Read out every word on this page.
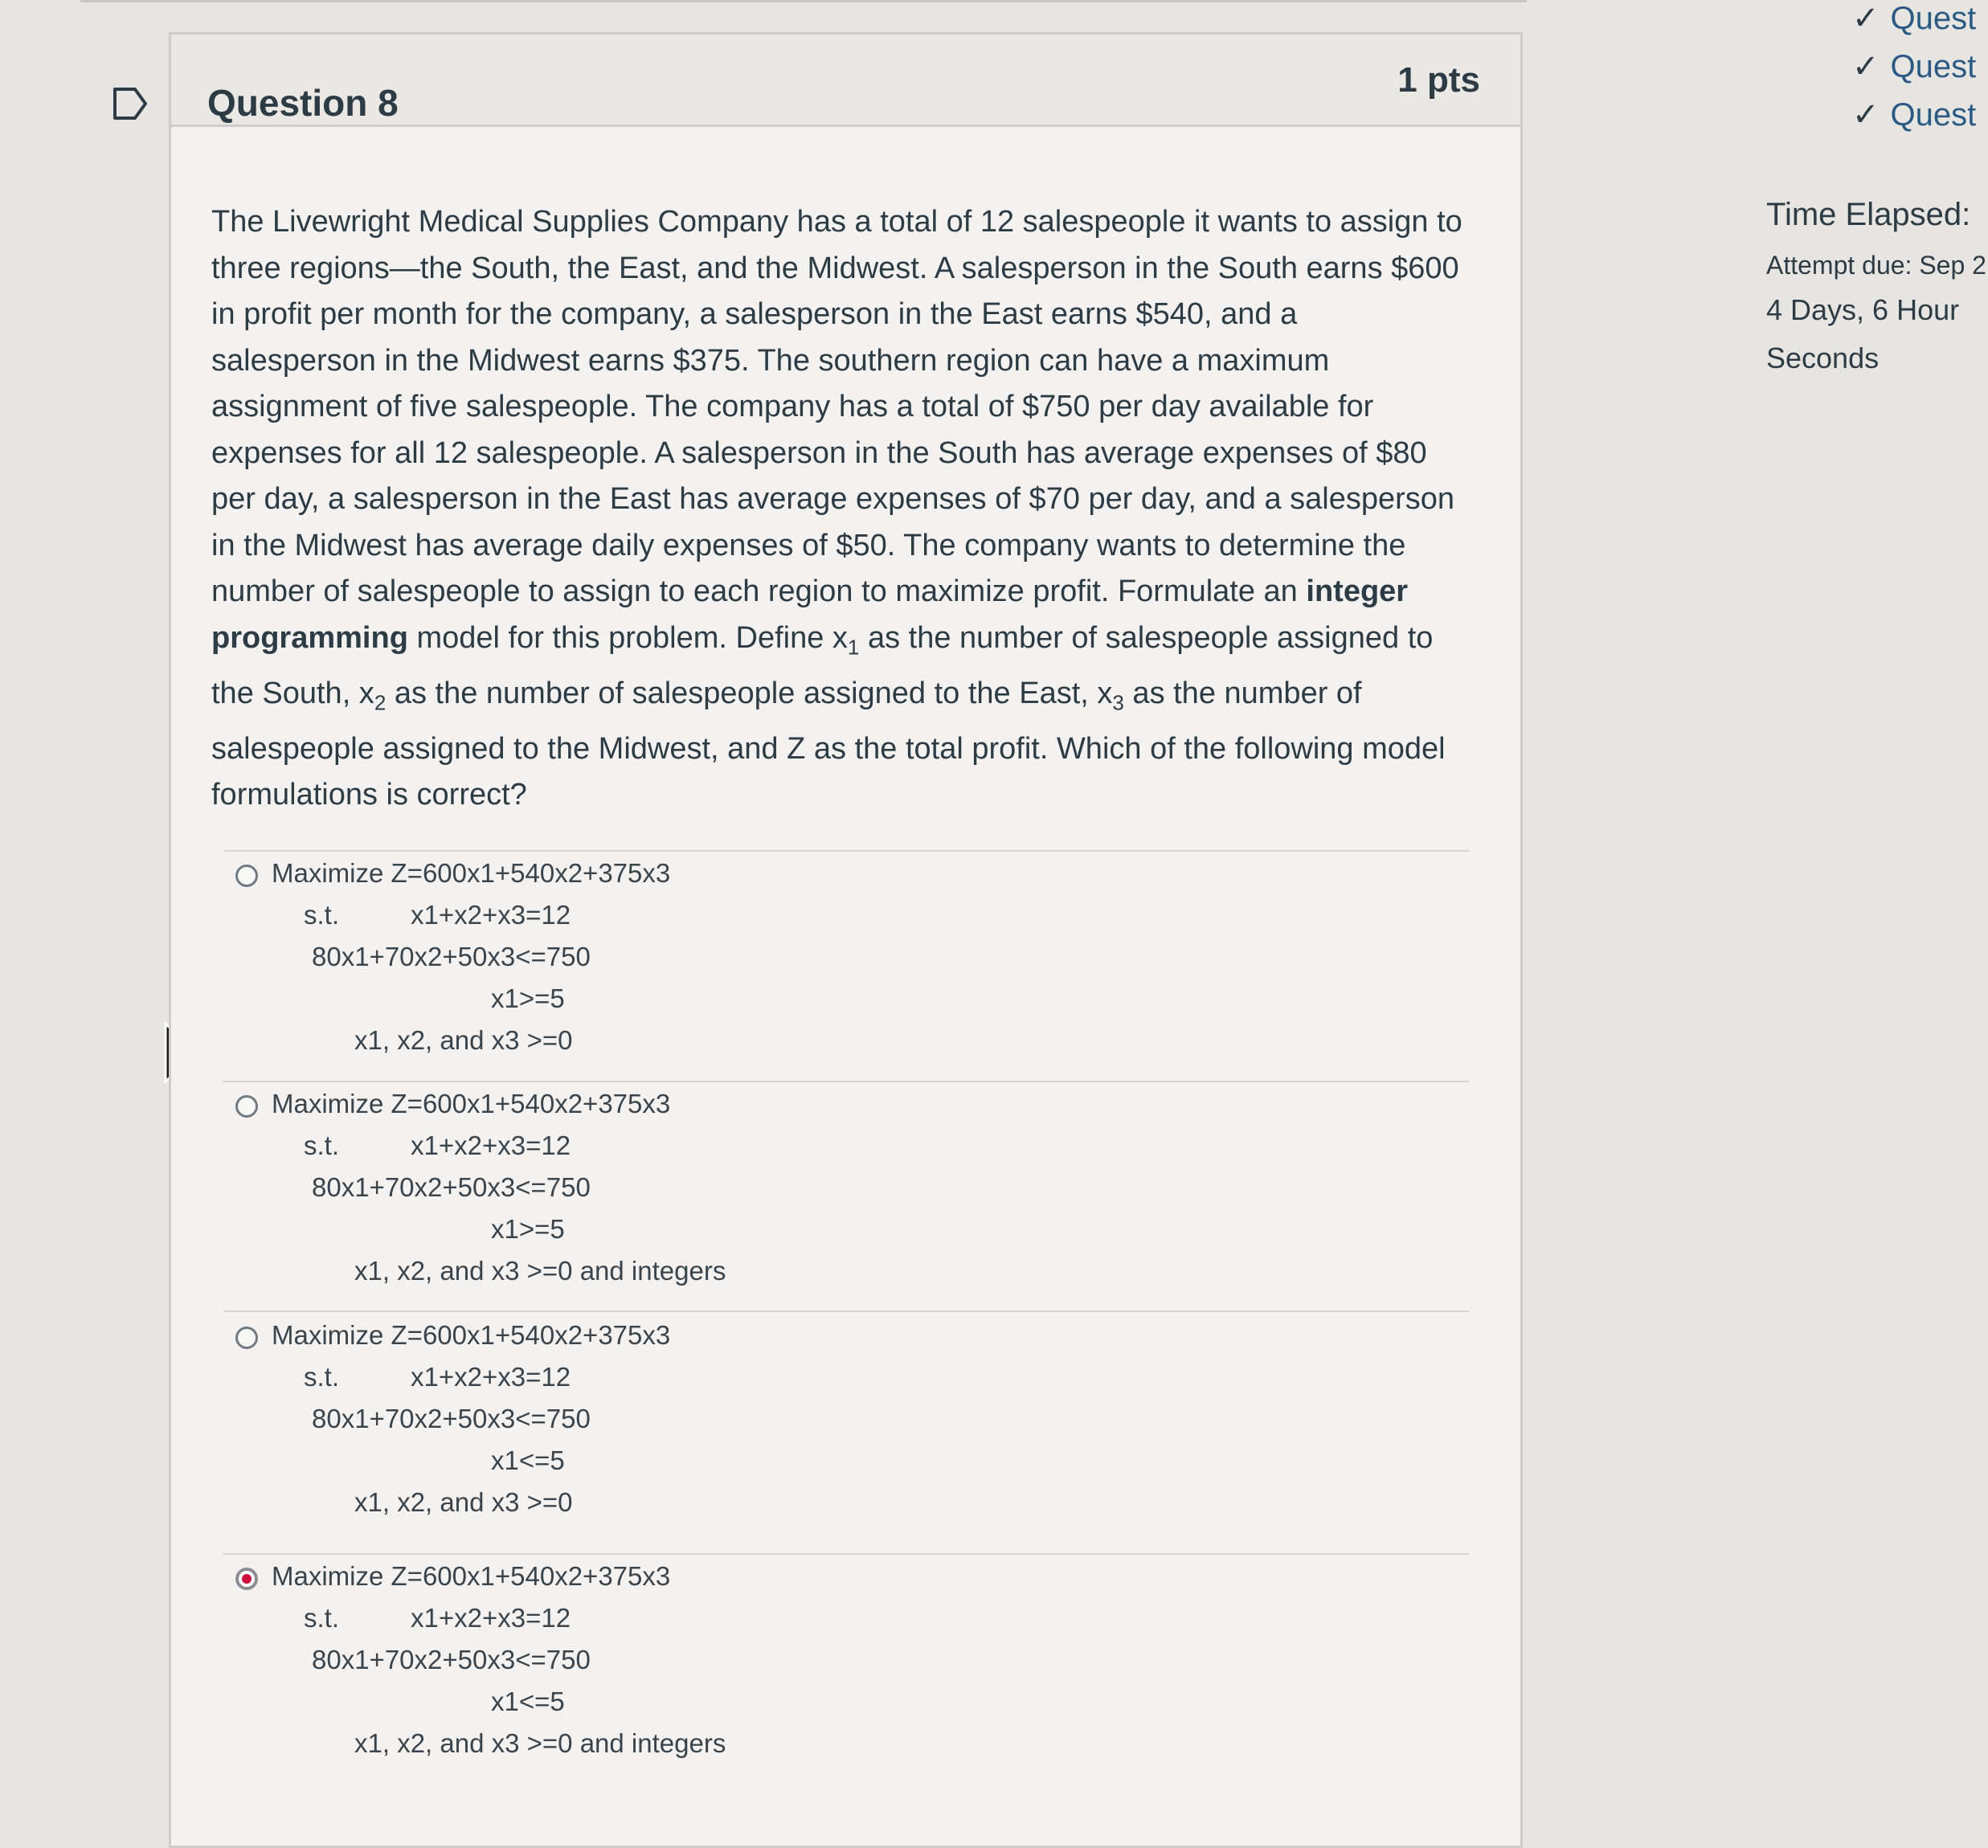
Question 8
1 pts
The Livewright Medical Supplies Company has a total of 12 salespeople it wants to assign to three regions—the South, the East, and the Midwest. A salesperson in the South earns $600 in profit per month for the company, a salesperson in the East earns $540, and a salesperson in the Midwest earns $375. The southern region can have a maximum assignment of five salespeople. The company has a total of $750 per day available for expenses for all 12 salespeople. A salesperson in the South has average expenses of $80 per day, a salesperson in the East has average expenses of $70 per day, and a salesperson in the Midwest has average daily expenses of $50. The company wants to determine the number of salespeople to assign to each region to maximize profit. Formulate an integer programming model for this problem. Define $x_1$ as the number of salespeople assigned to the South, $x_2$ as the number of salespeople assigned to the East, $x_3$ as the number of salespeople assigned to the Midwest, and Z as the total profit. Which of the following model formulations is correct?
Maximize Z=600x1+540x2+375x3
s.t.	x1+x2+x3=12
80x1+70x2+50x3<=750
x1>=5
x1, x2, and x3 >=0
Maximize Z=600x1+540x2+375x3
s.t.	x1+x2+x3=12
80x1+70x2+50x3<=750
x1>=5
x1, x2, and x3 >=0 and integers
Maximize Z=600x1+540x2+375x3
s.t.	x1+x2+x3=12
80x1+70x2+50x3<=750
x1<=5
x1, x2, and x3 >=0
Maximize Z=600x1+540x2+375x3
s.t.	x1+x2+x3=12
80x1+70x2+50x3<=750
x1<=5
x1, x2, and x3 >=0 and integers
✓ Quest
✓ Quest
✓ Quest
Time Elapsed:
Attempt due: Sep 2
4 Days, 6 Hour
Seconds
